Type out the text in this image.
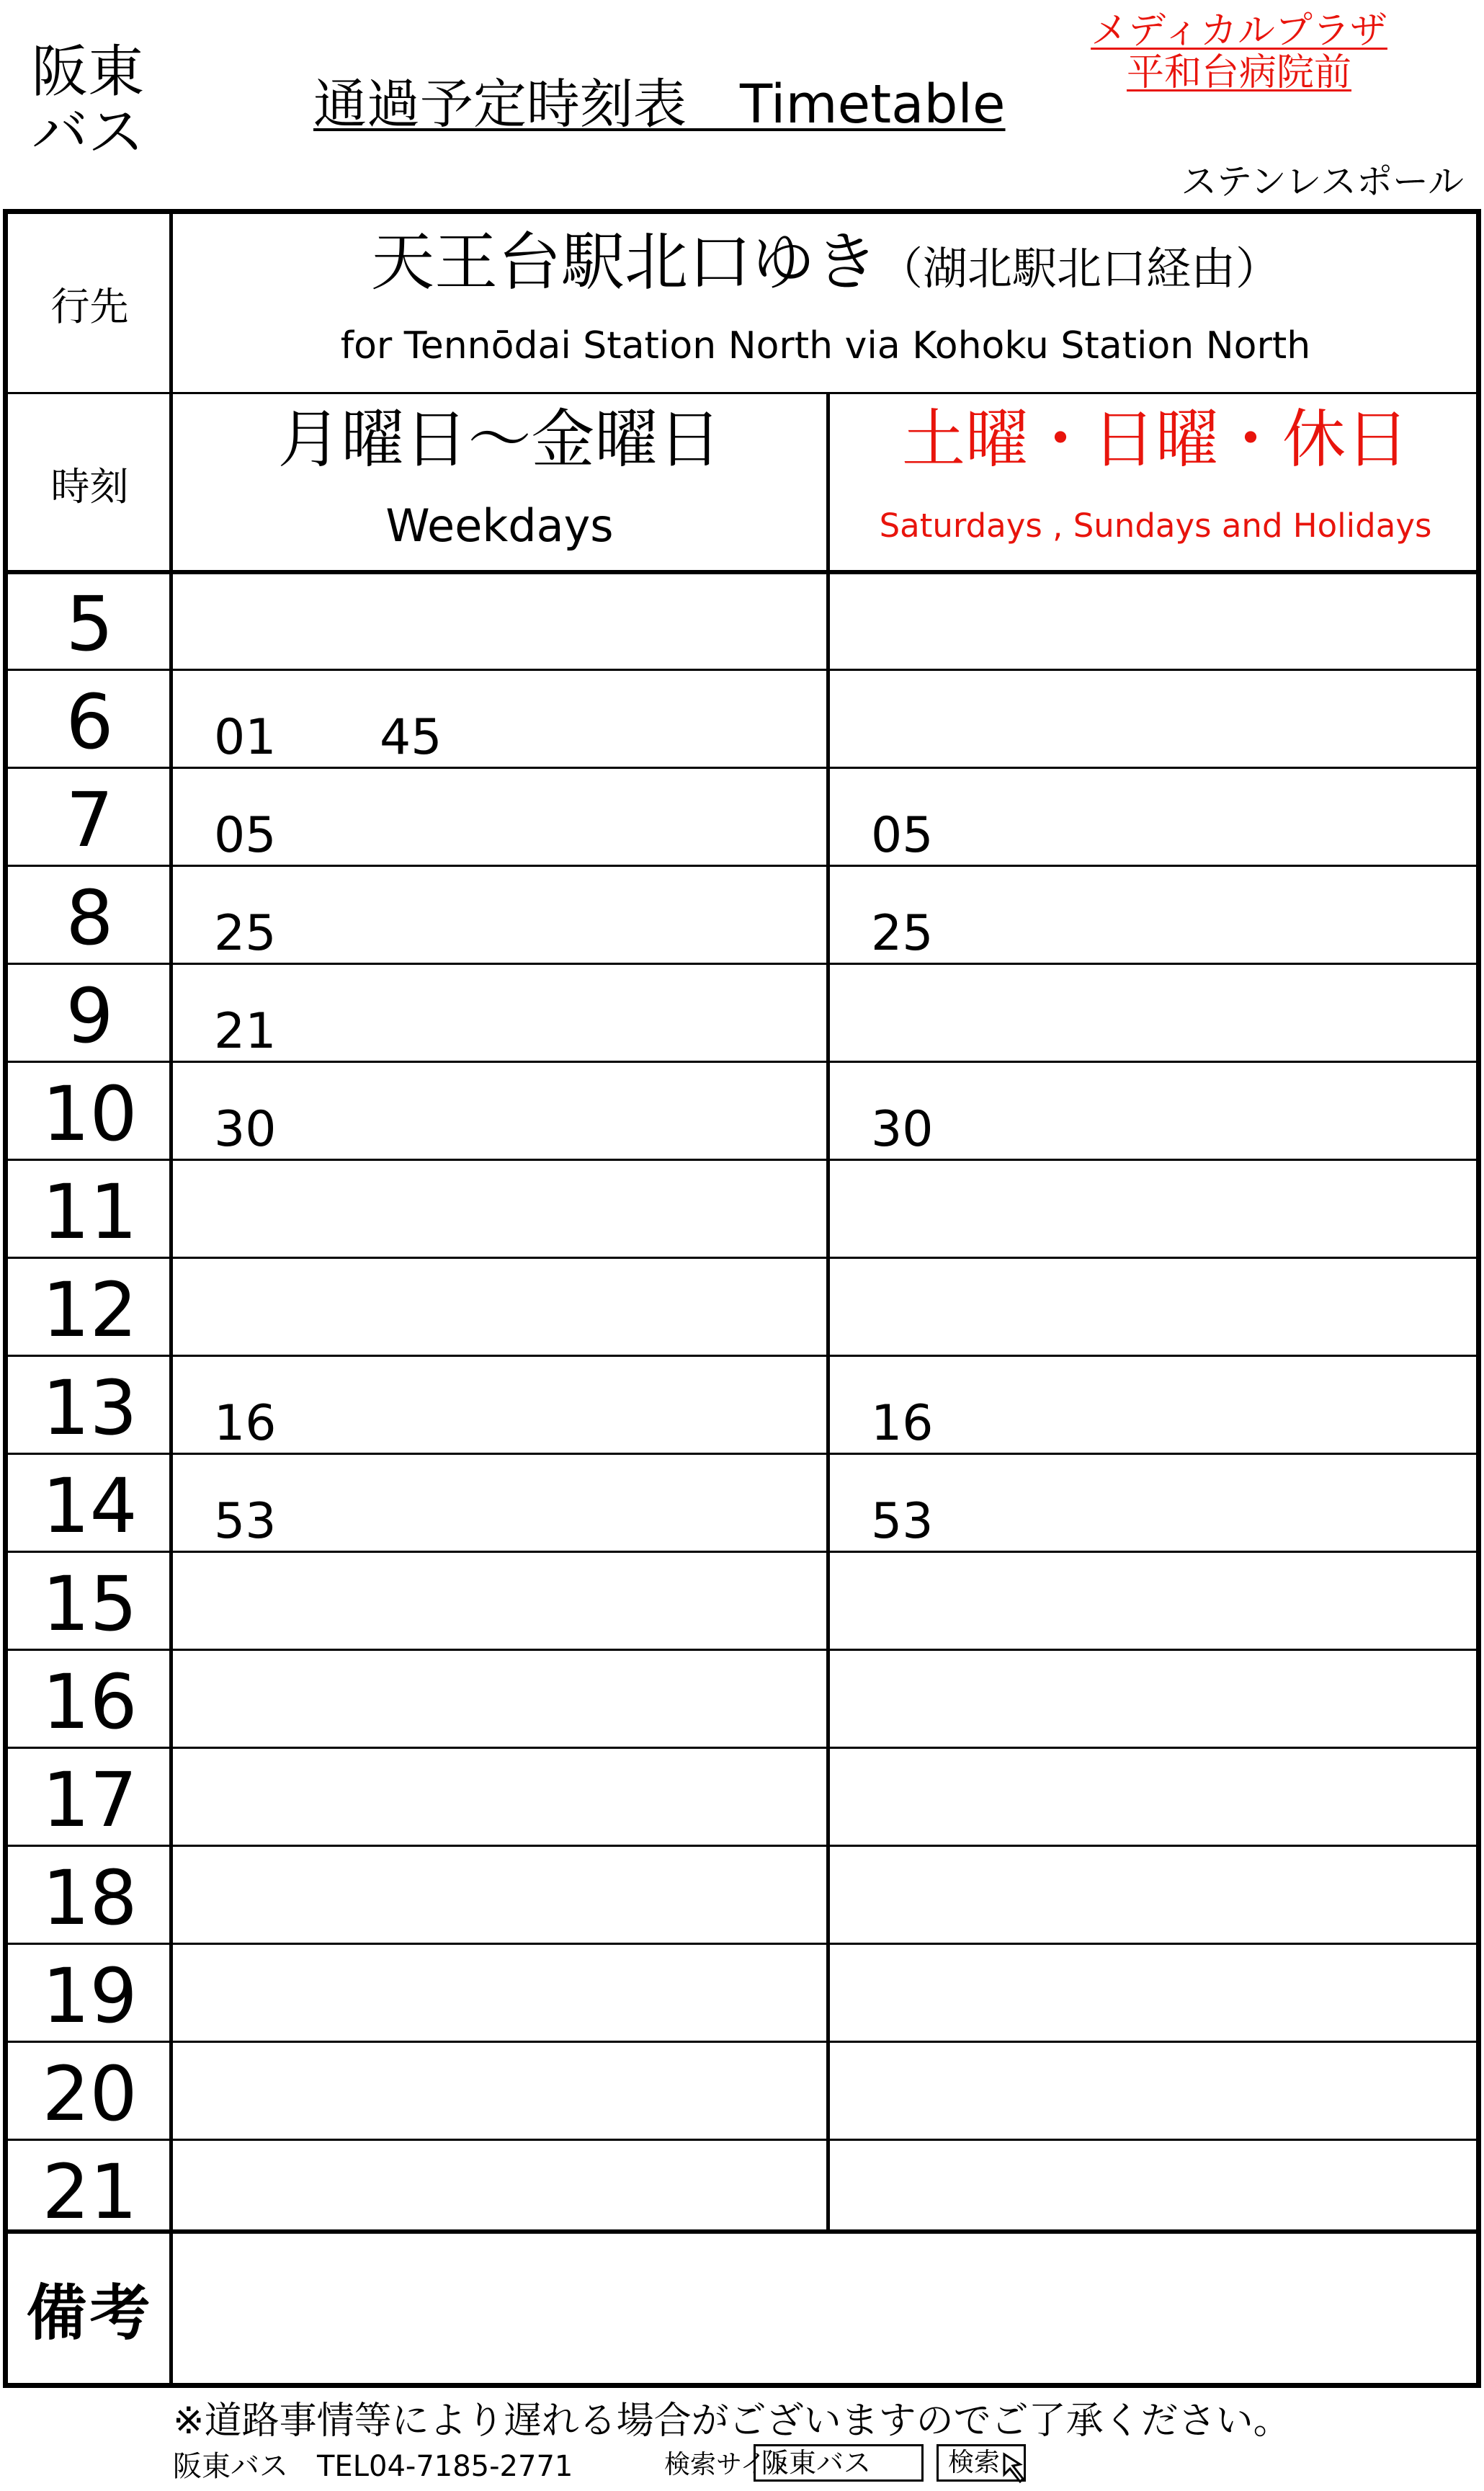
阪東
バス	通過予定時刻表　Timetable
メディカルプラザ
平和台病院前
ステンレスポール
行先
時刻
天王台駅北口ゆき（湖北駅北口経由）
for Tennōdai Station North via Kohoku Station North
月曜日～金曜日
Weekdays
土曜・日曜・休日
Saturdays , Sundays and Holidays
5
6	01 45
7	05	05
8	25	25
9	21
10	30	30
11
12
13	16	16
14	53	53
15
16
17
18
19
20
21
備考
※道路事情等により遅れる場合がございますのでご了承ください。
阪東バス　 TEL04-7185-2771	検索サイト
阪東バス	検索
